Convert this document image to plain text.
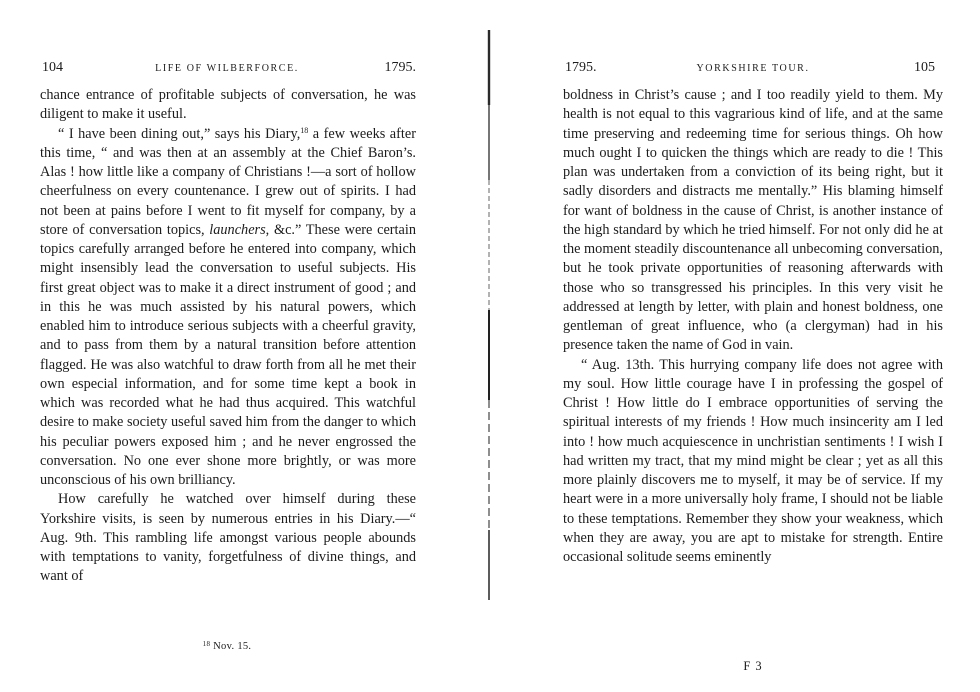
104	LIFE OF WILBERFORCE.	1795.

chance entrance of profitable subjects of conversation, he was diligent to make it useful.

“ I have been dining out,” says his Diary,$^{18}$ a few weeks after this time, “ and was then at an assembly at the Chief Baron’s. Alas ! how little like a company of Christians !—a sort of hollow cheerfulness on every countenance. I grew out of spirits. I had not been at pains before I went to fit myself for company, by a store of conversation topics, launchers, &c.” These were certain topics carefully arranged before he entered into company, which might insensibly lead the conversation to useful subjects. His first great object was to make it a direct instrument of good ; and in this he was much assisted by his natural powers, which enabled him to introduce serious subjects with a cheerful gravity, and to pass from them by a natural transition before attention flagged. He was also watchful to draw forth from all he met their own especial information, and for some time kept a book in which was recorded what he had thus acquired. This watchful desire to make society useful saved him from the danger to which his peculiar powers exposed him ; and he never engrossed the conversation. No one ever shone more brightly, or was more unconscious of his own brilliancy.

How carefully he watched over himself during these Yorkshire visits, is seen by numerous entries in his Diary.—“ Aug. 9th. This rambling life amongst various people abounds with temptations to vanity, forgetfulness of divine things, and want of

$^{18}$ Nov. 15.
1795.	YORKSHIRE TOUR.	105

boldness in Christ’s cause ; and I too readily yield to them. My health is not equal to this vagrarious kind of life, and at the same time preserving and redeeming time for serious things. Oh how much ought I to quicken the things which are ready to die ! This plan was undertaken from a conviction of its being right, but it sadly disorders and distracts me mentally.” His blaming himself for want of boldness in the cause of Christ, is another instance of the high standard by which he tried himself. For not only did he at the moment steadily discountenance all unbecoming conversation, but he took private opportunities of reasoning afterwards with those who so transgressed his principles. In this very visit he addressed at length by letter, with plain and honest boldness, one gentleman of great influence, who (a clergyman) had in his presence taken the name of God in vain.

“ Aug. 13th. This hurrying company life does not agree with my soul. How little courage have I in professing the gospel of Christ ! How little do I embrace opportunities of serving the spiritual interests of my friends ! How much insincerity am I led into ! how much acquiescence in unchristian sentiments ! I wish I had written my tract, that my mind might be clear ; yet as all this more plainly discovers me to myself, it may be of service. If my heart were in a more universally holy frame, I should not be liable to these temptations. Remember they show your weakness, which when they are away, you are apt to mistake for strength. Entire occasional solitude seems eminently

F 3
